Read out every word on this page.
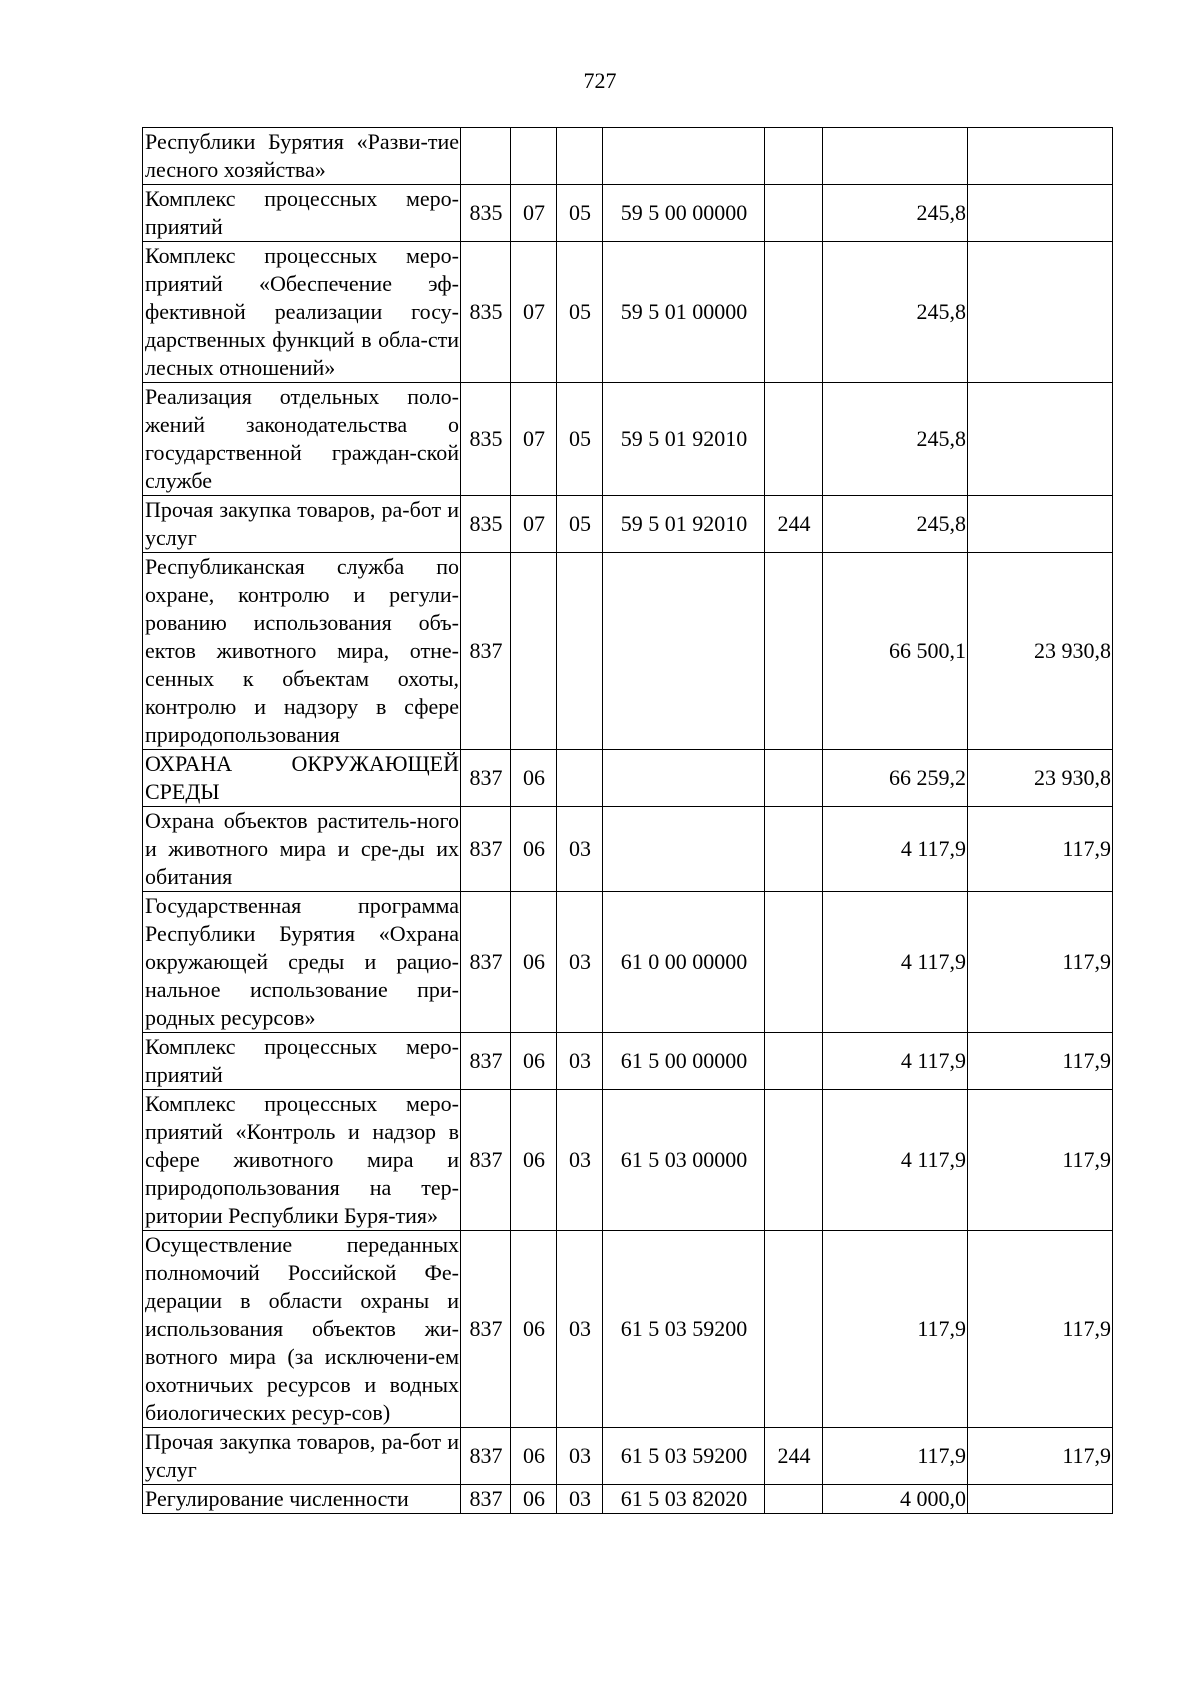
727
Республики Бурятия «Разви-тие лесного хозяйства»							
Комплекс процессных меро-приятий	835	07	05	59 5 00 00000		245,8	
Комплекс процессных меро-приятий «Обеспечение эф-фективной реализации госу-дарственных функций в обла-сти лесных отношений»	835	07	05	59 5 01 00000		245,8	
Реализация отдельных поло-жений законодательства о государственной граждан-ской службе	835	07	05	59 5 01 92010		245,8	
Прочая закупка товаров, ра-бот и услуг	835	07	05	59 5 01 92010	244	245,8	
Республиканская служба по охране, контролю и регули-рованию использования объ-ектов животного мира, отне-сенных к объектам охоты, контролю и надзору в сфере природопользования	837					66 500,1	23 930,8
ОХРАНА ОКРУЖАЮЩЕЙ СРЕДЫ	837	06				66 259,2	23 930,8
Охрана объектов раститель-ного и животного мира и сре-ды их обитания	837	06	03			4 117,9	117,9
Государственная программа Республики Бурятия «Охрана окружающей среды и рацио-нальное использование при-родных ресурсов»	837	06	03	61 0 00 00000		4 117,9	117,9
Комплекс процессных меро-приятий	837	06	03	61 5 00 00000		4 117,9	117,9
Комплекс процессных меро-приятий «Контроль и надзор в сфере животного мира и природопользования на тер-ритории Республики Буря-тия»	837	06	03	61 5 03 00000		4 117,9	117,9
Осуществление переданных полномочий Российской Фе-дерации в области охраны и использования объектов жи-вотного мира (за исключени-ем охотничьих ресурсов и водных биологических ресур-сов)	837	06	03	61 5 03 59200		117,9	117,9
Прочая закупка товаров, ра-бот и услуг	837	06	03	61 5 03 59200	244	117,9	117,9
Регулирование численности	837	06	03	61 5 03 82020		4 000,0	
